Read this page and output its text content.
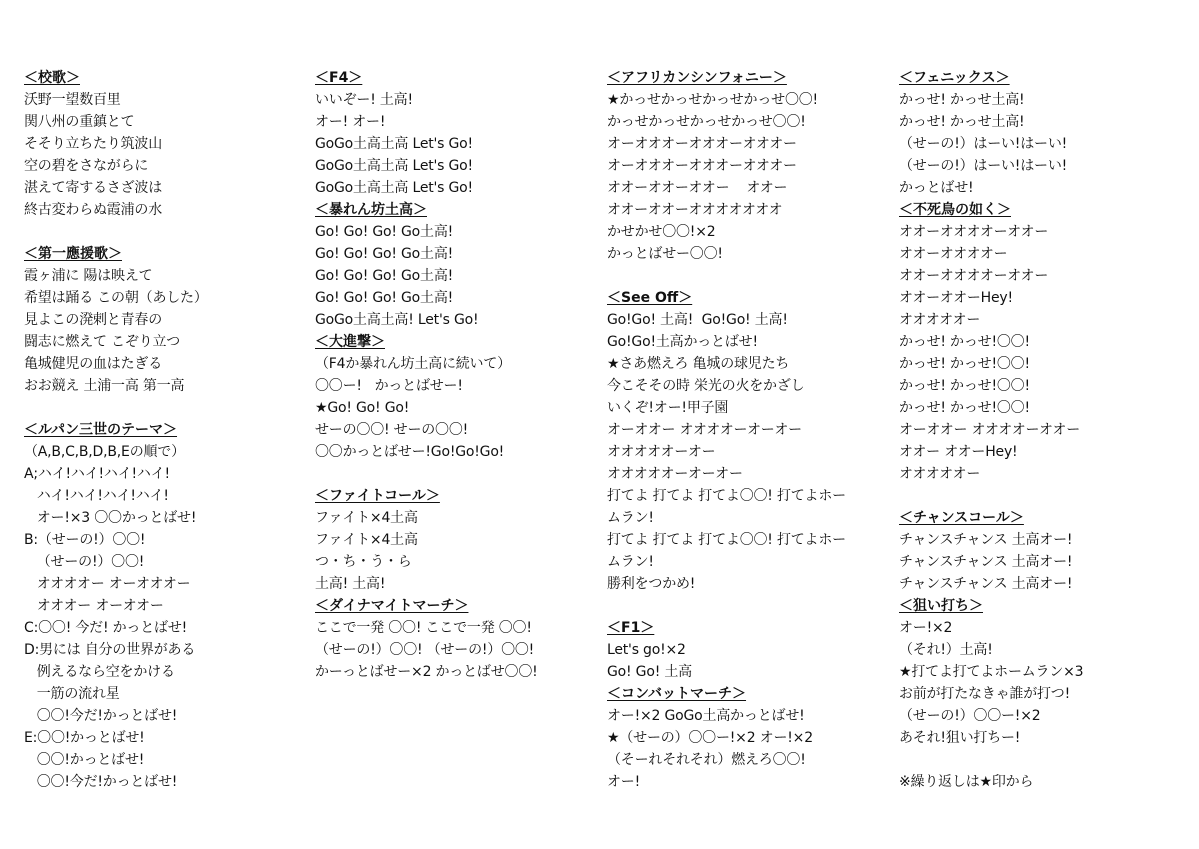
＜校歌＞
沃野一望数百里
関八州の重鎮とて
そそり立ちたり筑波山
空の碧をさながらに
湛えて寄するさざ波は
終古変わらぬ霞浦の水
＜第一應援歌＞
霞ヶ浦に 陽は映えて
希望は踊る この朝（あした）
見よこの溌剌と青春の
闘志に燃えて こぞり立つ
亀城健児の血はたぎる
おお競え 土浦一高 第一高
＜ルパン三世のテーマ＞
（A,B,C,B,D,B,Eの順で）
A;ハイ!ハイ!ハイ!ハイ!
ハイ!ハイ!ハイ!ハイ!
オー!×3 〇〇かっとばせ!
B:（せーの!）〇〇!
（せーの!）〇〇!
オオオオー オーオオオー
オオオー オーオオー
C:〇〇! 今だ! かっとばせ!
D:男には 自分の世界がある
例えるなら空をかける
一筋の流れ星
〇〇!今だ!かっとばせ!
E:〇〇!かっとばせ!
〇〇!かっとばせ!
〇〇!今だ!かっとばせ!
＜F4＞
いいぞー! 土高!
オー! オー!
GoGo土高土高 Let's Go!
GoGo土高土高 Let's Go!
GoGo土高土高 Let's Go!
＜暴れん坊土高＞
Go! Go! Go! Go土高!
Go! Go! Go! Go土高!
Go! Go! Go! Go土高!
Go! Go! Go! Go土高!
GoGo土高土高! Let's Go!
＜大進撃＞
（F4か暴れん坊土高に続いて）
〇〇ー!   かっとばせー!
★Go! Go! Go!
せーの〇〇! せーの〇〇!
〇〇かっとばせー!Go!Go!Go!
＜ファイトコール＞
ファイト×4土高
ファイト×4土高
つ・ち・う・ら
土高! 土高!
＜ダイナマイトマーチ＞
ここで一発 〇〇! ここで一発 〇〇!
（せーの!）〇〇! （せーの!）〇〇!
かーっとばせー×2 かっとばせ〇〇!
＜アフリカンシンフォニー＞
★かっせかっせかっせかっせ〇〇!
かっせかっせかっせかっせ〇〇!
オーオオオーオオオーオオオー
オーオオオーオオオーオオオー
オオーオオーオオー    オオー
オオーオオーオオオオオオオ
かせかせ〇〇!×2
かっとばせー〇〇!
＜See Off＞
Go!Go! 土高!  Go!Go! 土高!
Go!Go!土高かっとばせ!
★さあ燃えろ 亀城の球児たち
今こそその時 栄光の火をかざし
いくぞ!オー!甲子園
オーオオー オオオオーオーオー
オオオオオーオー
オオオオオーオーオー
打てよ 打てよ 打てよ〇〇! 打てよホー
ムラン!
打てよ 打てよ 打てよ〇〇! 打てよホー
ムラン!
勝利をつかめ!
＜F1＞
Let's go!×2
Go! Go! 土高
＜コンバットマーチ＞
オー!×2 GoGo土高かっとばせ!
★（せーの）〇〇ー!×2 オー!×2
（そーれそれそれ）燃えろ〇〇!
オー!
＜フェニックス＞
かっせ! かっせ土高!
かっせ! かっせ土高!
（せーの!）はーい!はーい!
（せーの!）はーい!はーい!
かっとばせ!
＜不死鳥の如く＞
オオーオオオオーオオー
オオーオオオオー
オオーオオオオーオオー
オオーオオーHey!
オオオオオー
かっせ! かっせ!〇〇!
かっせ! かっせ!〇〇!
かっせ! かっせ!〇〇!
かっせ! かっせ!〇〇!
オーオオー オオオオーオオー
オオー オオーHey!
オオオオオー
＜チャンスコール＞
チャンスチャンス 土高オー!
チャンスチャンス 土高オー!
チャンスチャンス 土高オー!
＜狙い打ち＞
オー!×2
（それ!）土高!
★打てよ打てよホームラン×3
お前が打たなきゃ誰が打つ!
（せーの!）〇〇ー!×2
あそれ!狙い打ちー!
※繰り返しは★印から
